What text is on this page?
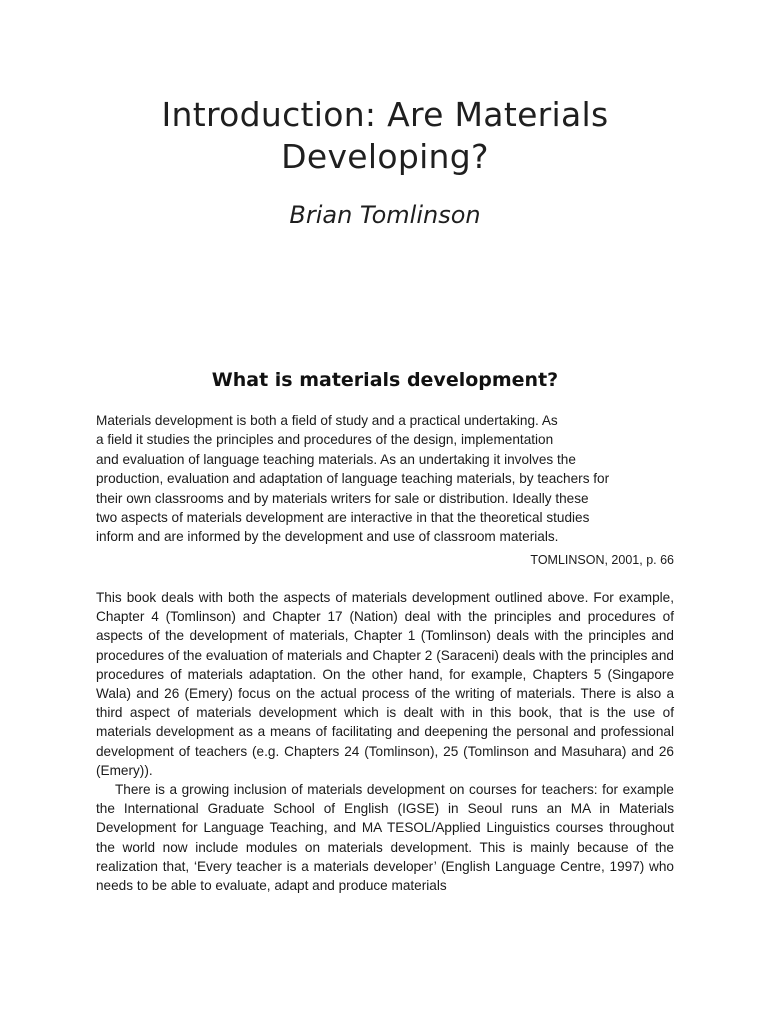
Introduction: Are Materials Developing?
Brian Tomlinson
What is materials development?
Materials development is both a field of study and a practical undertaking. As
a field it studies the principles and procedures of the design, implementation
and evaluation of language teaching materials. As an undertaking it involves the
production, evaluation and adaptation of language teaching materials, by teachers for
their own classrooms and by materials writers for sale or distribution. Ideally these
two aspects of materials development are interactive in that the theoretical studies
inform and are informed by the development and use of classroom materials.
TOMLINSON, 2001, p. 66

This book deals with both the aspects of materials development outlined above. For example, Chapter 4 (Tomlinson) and Chapter 17 (Nation) deal with the principles and procedures of aspects of the development of materials, Chapter 1 (Tomlinson) deals with the principles and procedures of the evaluation of materials and Chapter 2 (Saraceni) deals with the principles and procedures of materials adaptation. On the other hand, for example, Chapters 5 (Singapore Wala) and 26 (Emery) focus on the actual process of the writing of materials. There is also a third aspect of materials development which is dealt with in this book, that is the use of materials development as a means of facilitating and deepening the personal and professional development of teachers (e.g. Chapters 24 (Tomlinson), 25 (Tomlinson and Masuhara) and 26 (Emery)).

There is a growing inclusion of materials development on courses for teachers: for example the International Graduate School of English (IGSE) in Seoul runs an MA in Materials Development for Language Teaching, and MA TESOL/Applied Linguistics courses throughout the world now include modules on materials development. This is mainly because of the realization that, ‘Every teacher is a materials developer’ (English Language Centre, 1997) who needs to be able to evaluate, adapt and produce materials
